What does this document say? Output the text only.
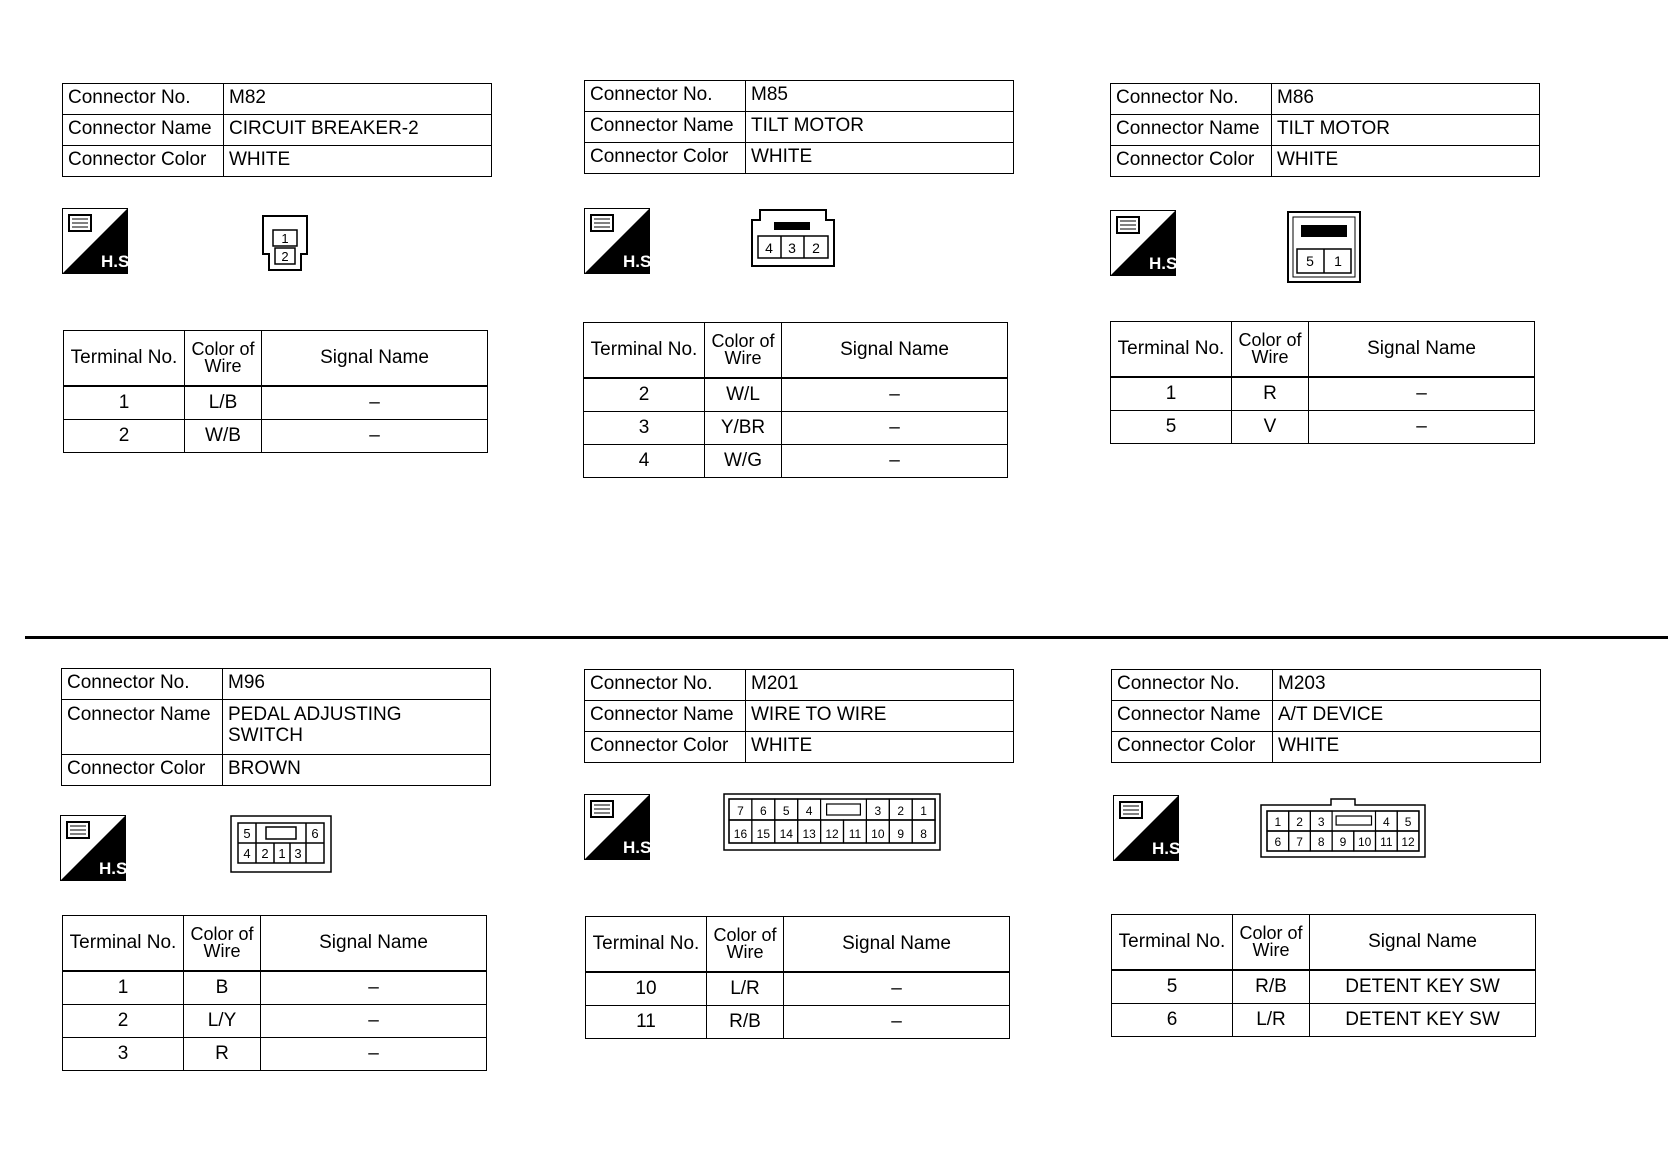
Connector No.	M82
Connector Name	CIRCUIT BREAKER-2
Connector Color	WHITE
H.S.
1
2
Terminal No.	Color of Wire	Signal Name
1	L/B	–
2	W/B	–
Connector No.	M85
Connector Name	TILT MOTOR
Connector Color	WHITE
H.S.
4 3 2
Terminal No.	Color of Wire	Signal Name
2	W/L	–
3	Y/BR	–
4	W/G	–
Connector No.	M86
Connector Name	TILT MOTOR
Connector Color	WHITE
H.S.	5 1
Terminal No.	Color of Wire	Signal Name
1	R	–
5	V	–
Connector No.	M96
Connector Name	PEDAL ADJUSTING SWITCH
Connector Color	BROWN
H.S.
5	6
4 2 1 3
Terminal No.	Color of Wire	Signal Name
1	B	–
2	L/Y	–
3	R	–
Connector No.	M201
Connector Name	WIRE TO WIRE
Connector Color	WHITE
H.S.
7 6 5 4	3 2 1
16 15 14 13 12 11 10 9 8
Terminal No.	Color of Wire	Signal Name
10	L/R	–
11	R/B	–
Connector No.	M203
Connector Name	A/T DEVICE
Connector Color	WHITE
H.S.
1 2 3	4 5
6 7 8 9 10 11 12
Terminal No.	Color of Wire	Signal Name
5	R/B	DETENT KEY SW
6	L/R	DETENT KEY SW
